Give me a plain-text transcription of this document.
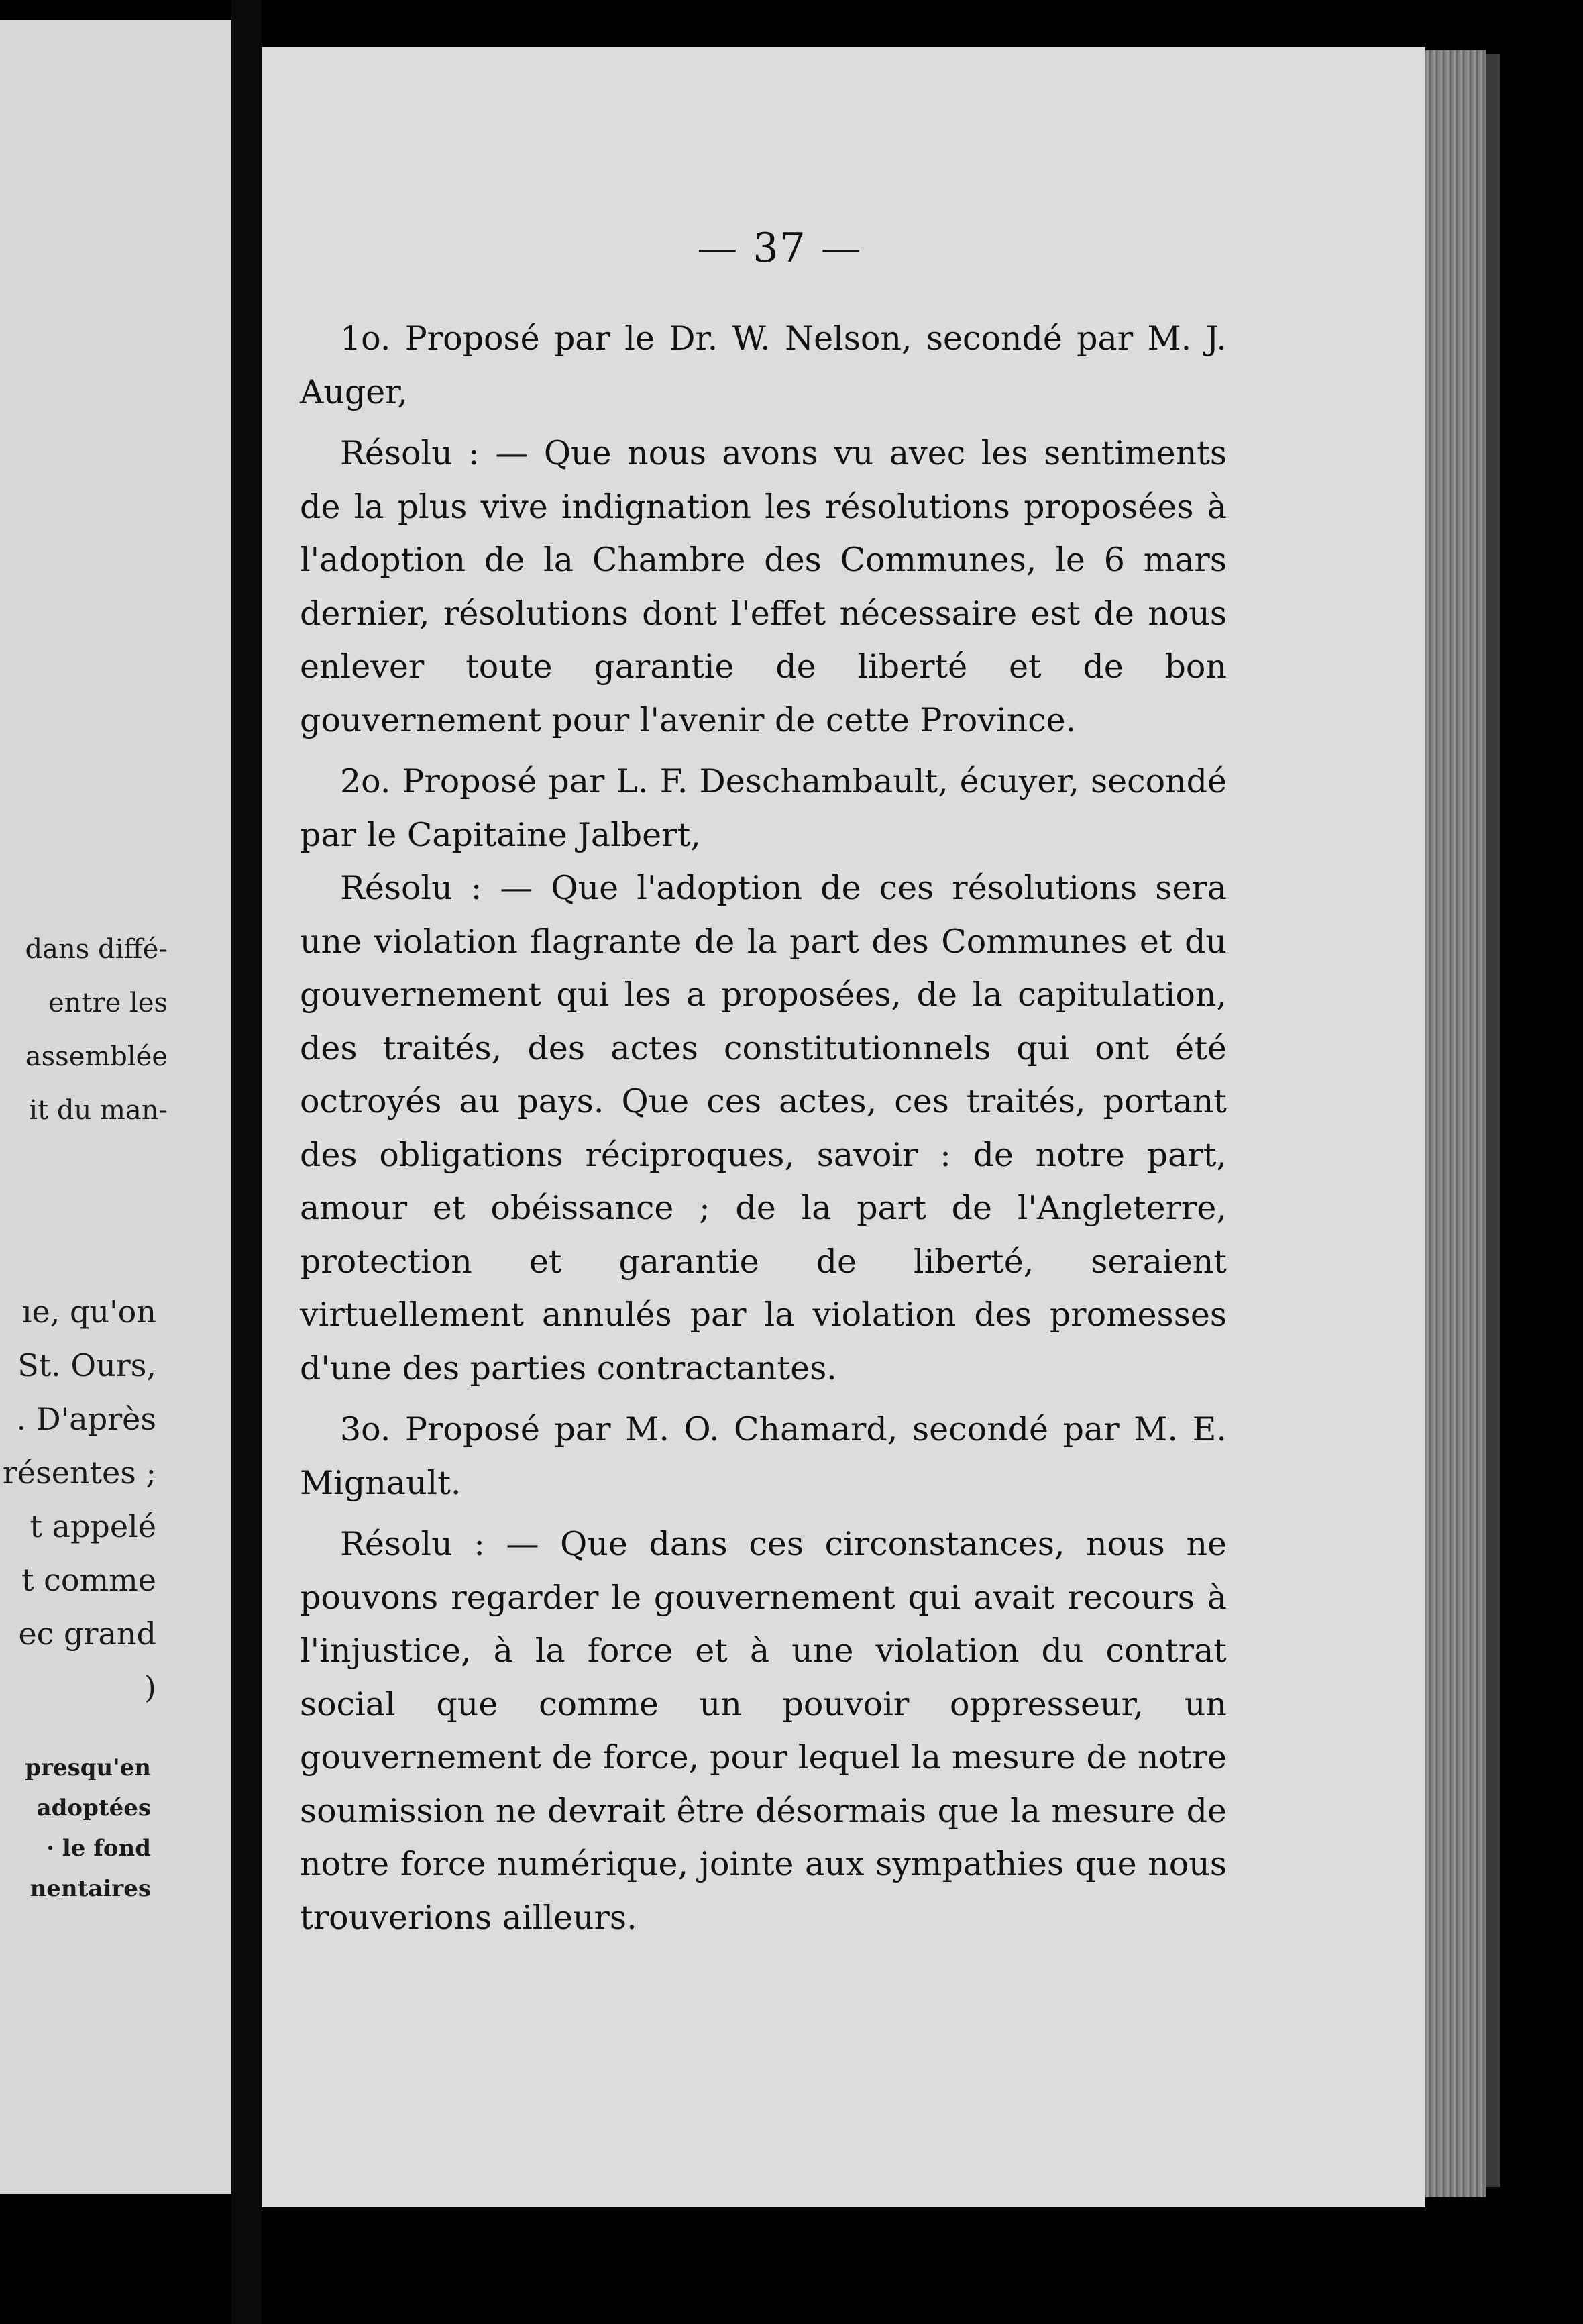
dans diffé-
entre les
assemblée
it du man-
ıe, qu'on
St. Ours,
. D'après
résentes ;
t appelé
t comme
ec grand
)
presqu'en
adoptées
· le fond
nentaires
— 37 —

1o. Proposé par le Dr. W. Nelson, secondé par M. J. Auger,

Résolu : — Que nous avons vu avec les sentiments de la plus vive indignation les résolutions proposées à l'adoption de la Chambre des Communes, le 6 mars dernier, résolutions dont l'effet nécessaire est de nous enlever toute garantie de liberté et de bon gouvernement pour l'avenir de cette Province.

2o. Proposé par L. F. Deschambault, écuyer, secondé par le Capitaine Jalbert,

Résolu : — Que l'adoption de ces résolutions sera une violation flagrante de la part des Communes et du gouvernement qui les a proposées, de la capitulation, des traités, des actes constitutionnels qui ont été octroyés au pays. Que ces actes, ces traités, portant des obligations réciproques, savoir : de notre part, amour et obéissance ; de la part de l'Angleterre, protection et garantie de liberté, seraient virtuellement annulés par la violation des promesses d'une des parties contractantes.

3o. Proposé par M. O. Chamard, secondé par M. E. Mignault.

Résolu : — Que dans ces circonstances, nous ne pouvons regarder le gouvernement qui avait recours à l'injustice, à la force et à une violation du contrat social que comme un pouvoir oppresseur, un gouvernement de force, pour lequel la mesure de notre soumission ne devrait être désormais que la mesure de notre force numérique, jointe aux sympathies que nous trouverions ailleurs.
